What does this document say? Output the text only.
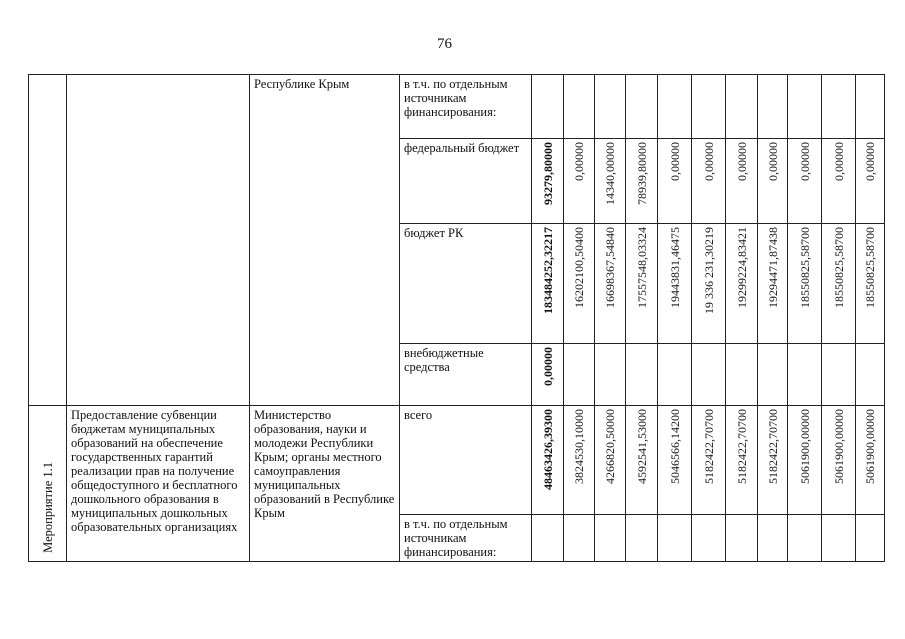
76
		Республике Крым	в т.ч. по отдельным источникам финансирования:	

			федеральный бюджет	93279,80000	0,00000	14340,00000	78939,80000	0,00000	0,00000	0,00000	0,00000	0,00000	0,00000	0,00000

			бюджет РК	183484252,32217	16202100,50400	16698367,54840	17557548,03324	19443831,46475	19 336 231,30219	19299224,83421	19294471,87438	18550825,58700	18550825,58700	18550825,58700

			внебюджетные средства	0,00000										

Мероприятие 1.1	Предоставление субвенции бюджетам муниципальных образований на обеспечение государственных гарантий реализации прав на получение общедоступного и бесплатного дошкольного образования в муниципальных дошкольных образовательных организациях	Министерство образования, науки и молодежи Республики Крым; органы местного самоуправления муниципальных образований в Республике Крым	всего	48463426,39300	3824530,10000	4266820,50000	4592541,53000	5046566,14200	5182422,70700	5182422,70700	5182422,70700	5061900,00000	5061900,00000	5061900,00000

			в т.ч. по отдельным источникам финансирования:	
